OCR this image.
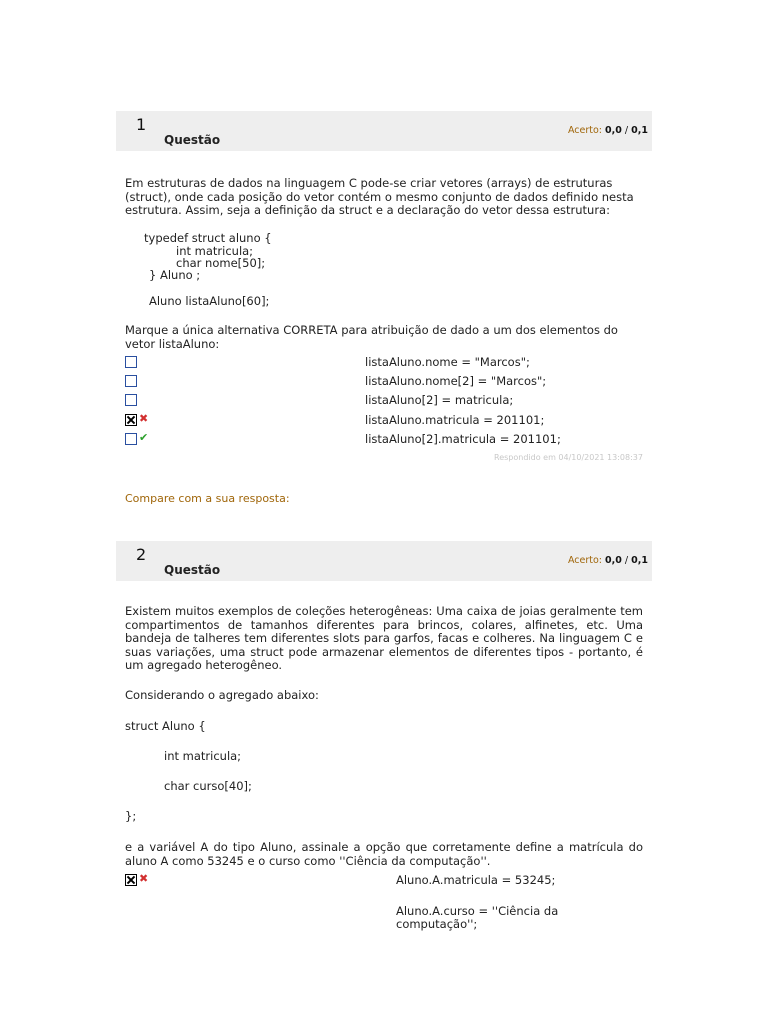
1
Questão
Acerto: 0,0 / 0,1

Em estruturas de dados na linguagem C pode-se criar vetores (arrays) de estruturas (struct), onde cada posição do vetor contém o mesmo conjunto de dados definido nesta estrutura. Assim, seja a definição da struct e a declaração do vetor dessa estrutura:

typedef struct aluno {

int matricula;

char nome[50];

} Aluno ;

Aluno listaAluno[60];

Marque a única alternativa CORRETA para atribuição de dado a um dos elementos do vetor listaAluno:

listaAluno.nome = "Marcos";
listaAluno.nome[2] = "Marcos";
listaAluno[2] = matricula;
✖	listaAluno.matricula = 201101;
✔	listaAluno[2].matricula = 201101;
Respondido em 04/10/2021 13:08:37
Compare com a sua resposta:
2
Questão
Acerto: 0,0 / 0,1

Existem muitos exemplos de coleções heterogêneas: Uma caixa de joias geralmente tem compartimentos de tamanhos diferentes para brincos, colares, alfinetes, etc. Uma bandeja de talheres tem diferentes slots para garfos, facas e colheres. Na linguagem C e suas variações, uma struct pode armazenar elementos de diferentes tipos - portanto, é um agregado heterogêneo.

Considerando o agregado abaixo:

struct Aluno {

int matricula;

char curso[40];

};

e a variável A do tipo Aluno, assinale a opção que corretamente define a matrícula do aluno A como 53245 e o curso como ''Ciência da computação''.

✖	Aluno.A.matricula = 53245;
Aluno.A.curso = ''Ciência da
computação'';
